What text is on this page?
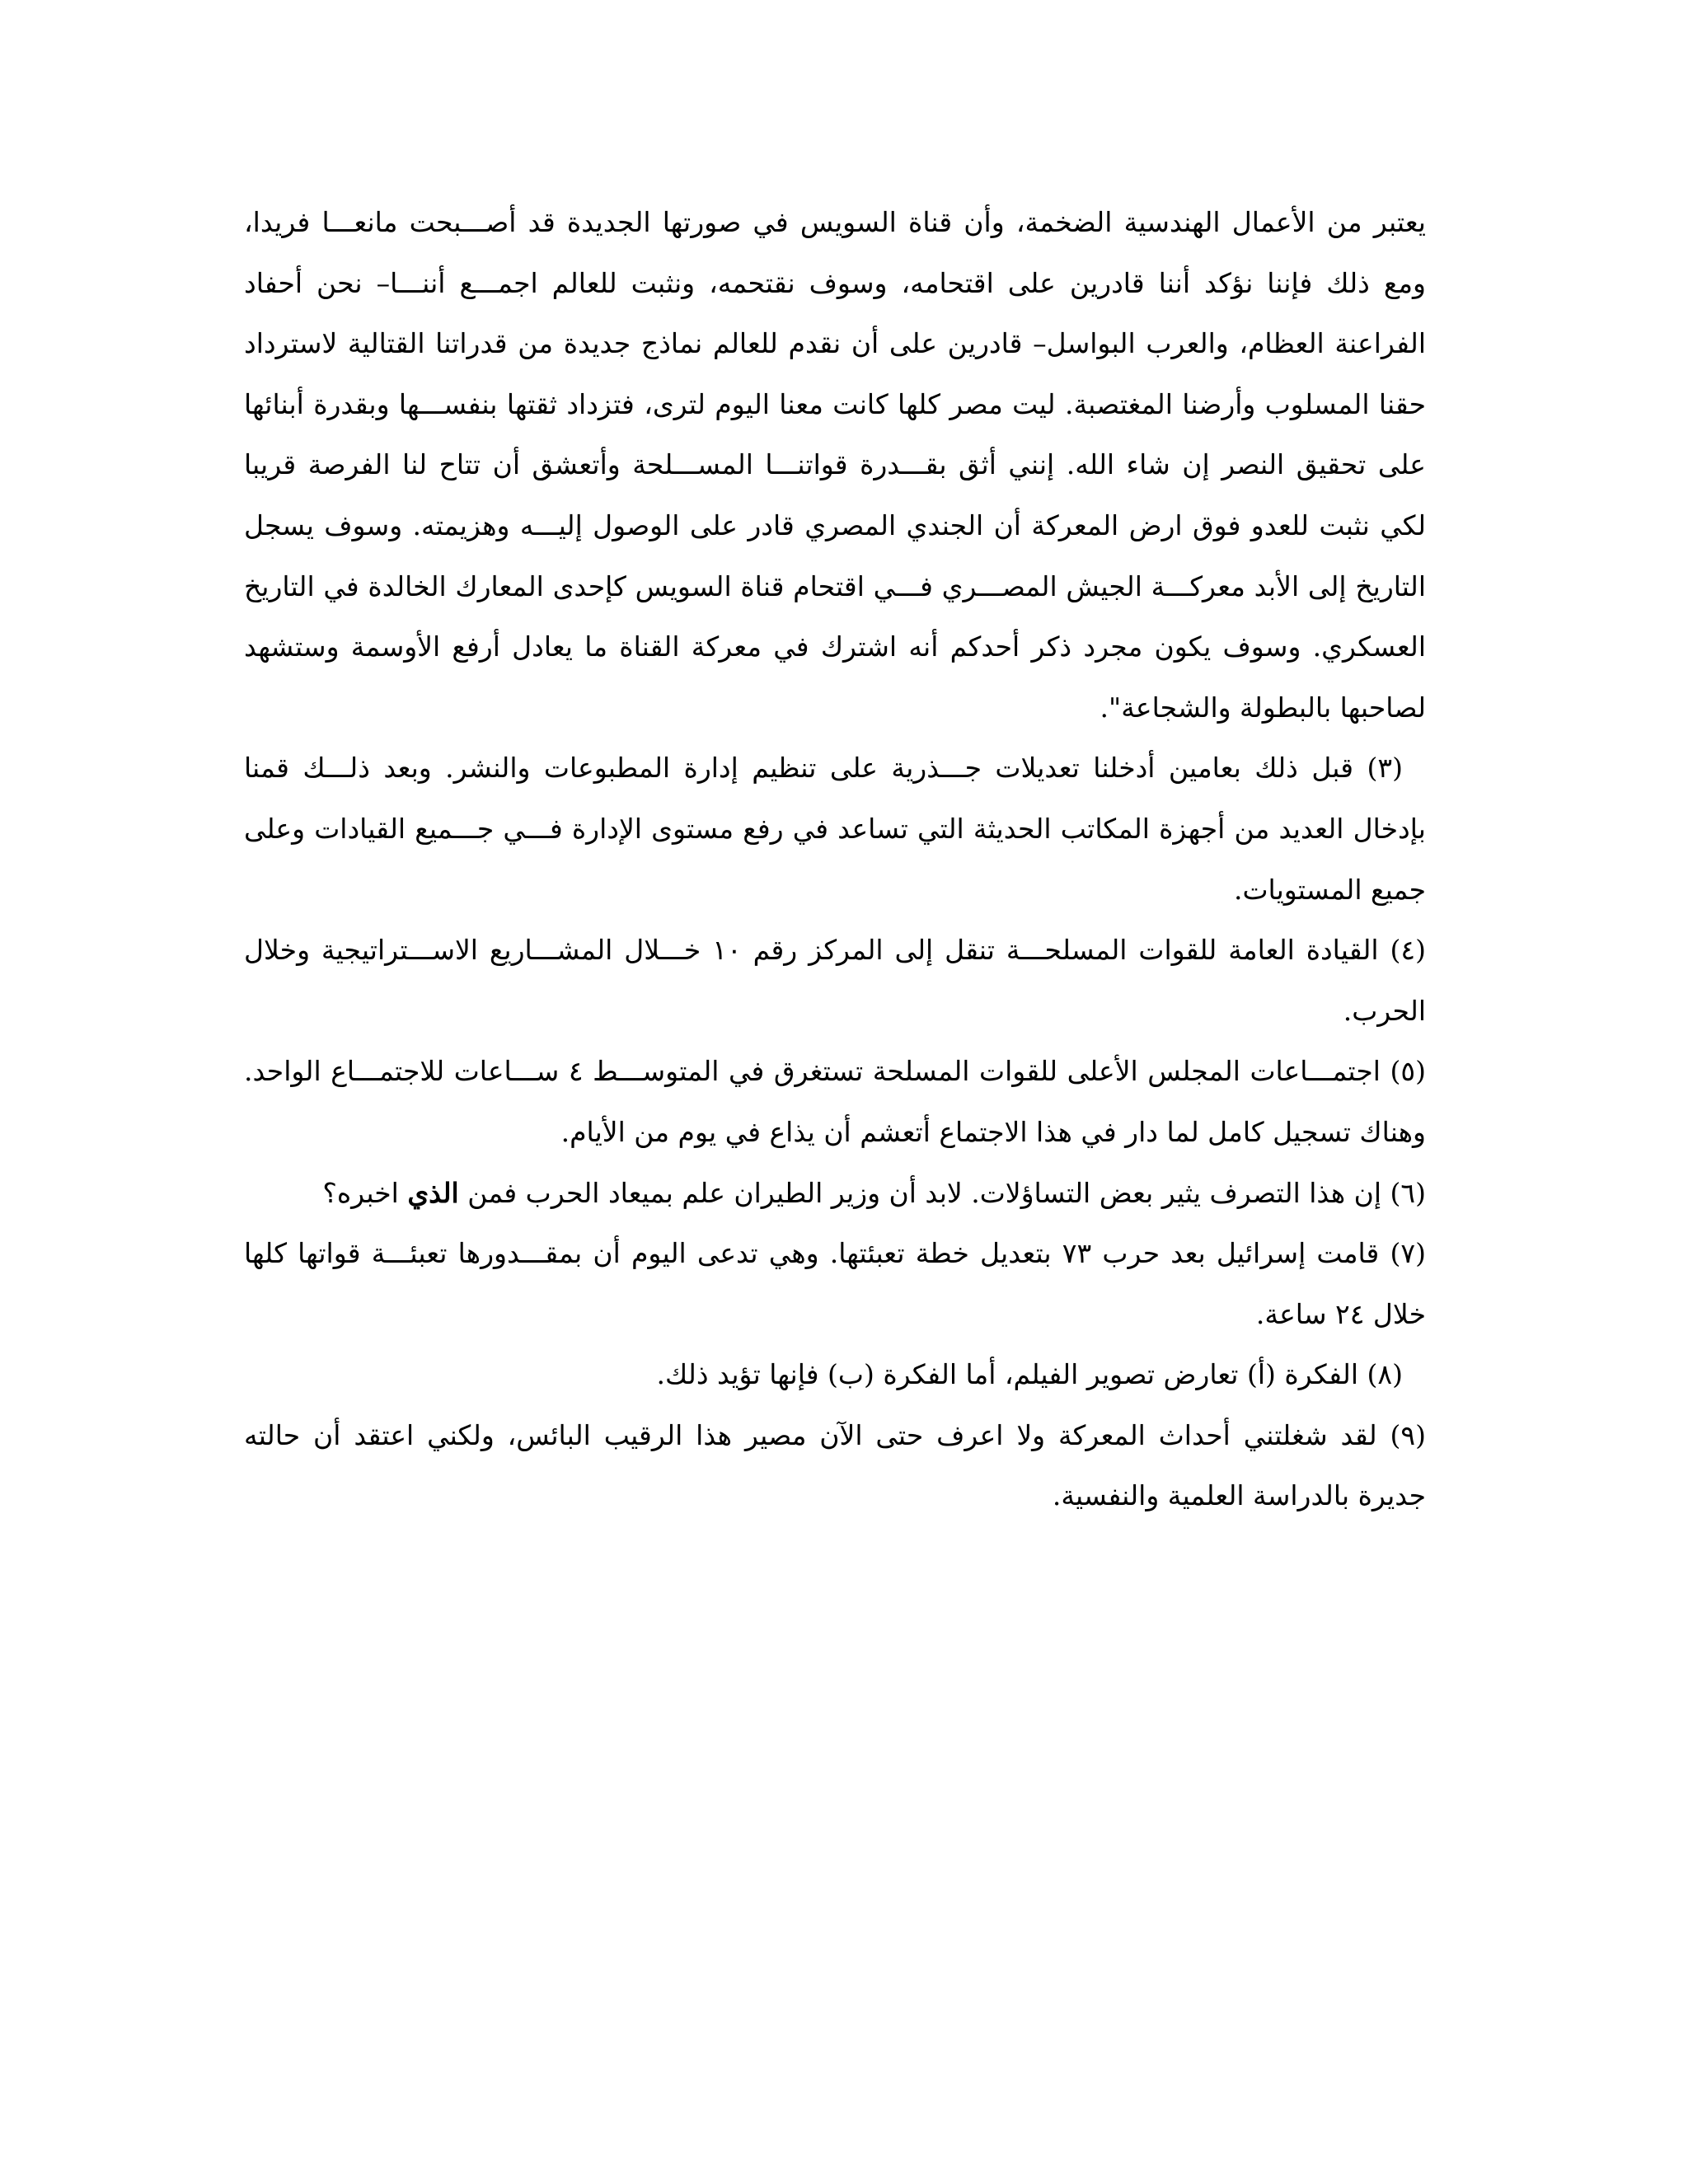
يعتبر من الأعمال الهندسية الضخمة، وأن قناة السويس في صورتها الجديدة قد أصـــبحت مانعـــا فريدا، ومع ذلك فإننا نؤكد أننا قادرين على اقتحامه، وسوف نقتحمه، ونثبت للعالم اجمـــع أننـــا– نحن أحفاد الفراعنة العظام، والعرب البواسل– قادرين على أن نقدم للعالم نماذج جديدة من قدراتنا القتالية لاسترداد حقنا المسلوب وأرضنا المغتصبة. ليت مصر كلها كانت معنا اليوم لترى، فتزداد ثقتها بنفســـها وبقدرة أبنائها على تحقيق النصر إن شاء الله. إنني أثق بقـــدرة قواتنـــا المســـلحة وأتعشق أن تتاح لنا الفرصة قريبا لكي نثبت للعدو فوق ارض المعركة أن الجندي المصري قادر على الوصول إليـــه وهزيمته. وسوف يسجل التاريخ إلى الأبد معركـــة الجيش المصـــري فـــي اقتحام قناة السويس كإحدى المعارك الخالدة في التاريخ العسكري. وسوف يكون مجرد ذكر أحدكم أنه اشترك في معركة القناة ما يعادل أرفع الأوسمة وستشهد لصاحبها بالبطولة والشجاعة".

(٣) قبل ذلك بعامين أدخلنا تعديلات جـــذرية على تنظيم إدارة المطبوعات والنشر. وبعد ذلـــك قمنا بإدخال العديد من أجهزة المكاتب الحديثة التي تساعد في رفع مستوى الإدارة فـــي جـــميع القيادات وعلى جميع المستويات.

(٤) القيادة العامة للقوات المسلحـــة تنقل إلى المركز رقم ١٠ خـــلال المشـــاريع الاســـتراتيجية وخلال الحرب.

(٥) اجتمـــاعات المجلس الأعلى للقوات المسلحة تستغرق في المتوســـط ٤ ســـاعات للاجتمـــاع الواحد. وهناك تسجيل كامل لما دار في هذا الاجتماع أتعشم أن يذاع في يوم من الأيام.

(٦) إن هذا التصرف يثير بعض التساؤلات. لابد أن وزير الطيران علم بميعاد الحرب فمن الذي اخبره؟

(٧) قامت إسرائيل بعد حرب ٧٣ بتعديل خطة تعبئتها. وهي تدعى اليوم أن بمقـــدورها تعبئـــة قواتها كلها خلال ٢٤ ساعة.

(٨) الفكرة (أ) تعارض تصوير الفيلم، أما الفكرة (ب) فإنها تؤيد ذلك.

(٩) لقد شغلتني أحداث المعركة ولا اعرف حتى الآن مصير هذا الرقيب البائس، ولكني اعتقد أن حالته جديرة بالدراسة العلمية والنفسية.
